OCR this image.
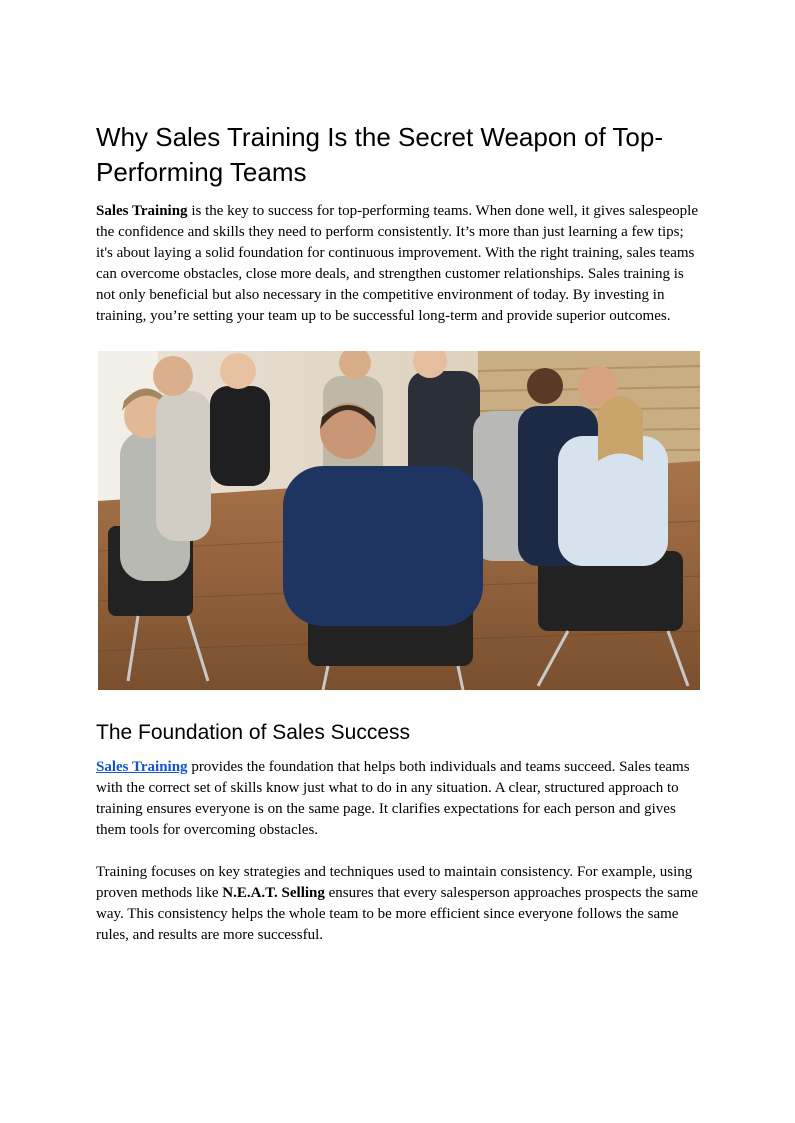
Why Sales Training Is the Secret Weapon of Top-Performing Teams

Sales Training is the key to success for top-performing teams. When done well, it gives salespeople the confidence and skills they need to perform consistently. It’s more than just learning a few tips; it's about laying a solid foundation for continuous improvement. With the right training, sales teams can overcome obstacles, close more deals, and strengthen customer relationships. Sales training is not only beneficial but also necessary in the competitive environment of today. By investing in training, you’re setting your team up to be successful long-term and provide superior outcomes.

The Foundation of Sales Success

Sales Training provides the foundation that helps both individuals and teams succeed. Sales teams with the correct set of skills know just what to do in any situation. A clear, structured approach to training ensures everyone is on the same page. It clarifies expectations for each person and gives them tools for overcoming obstacles.

Training focuses on key strategies and techniques used to maintain consistency. For example, using proven methods like N.E.A.T. Selling ensures that every salesperson approaches prospects the same way. This consistency helps the whole team to be more efficient since everyone follows the same rules, and results are more successful.
